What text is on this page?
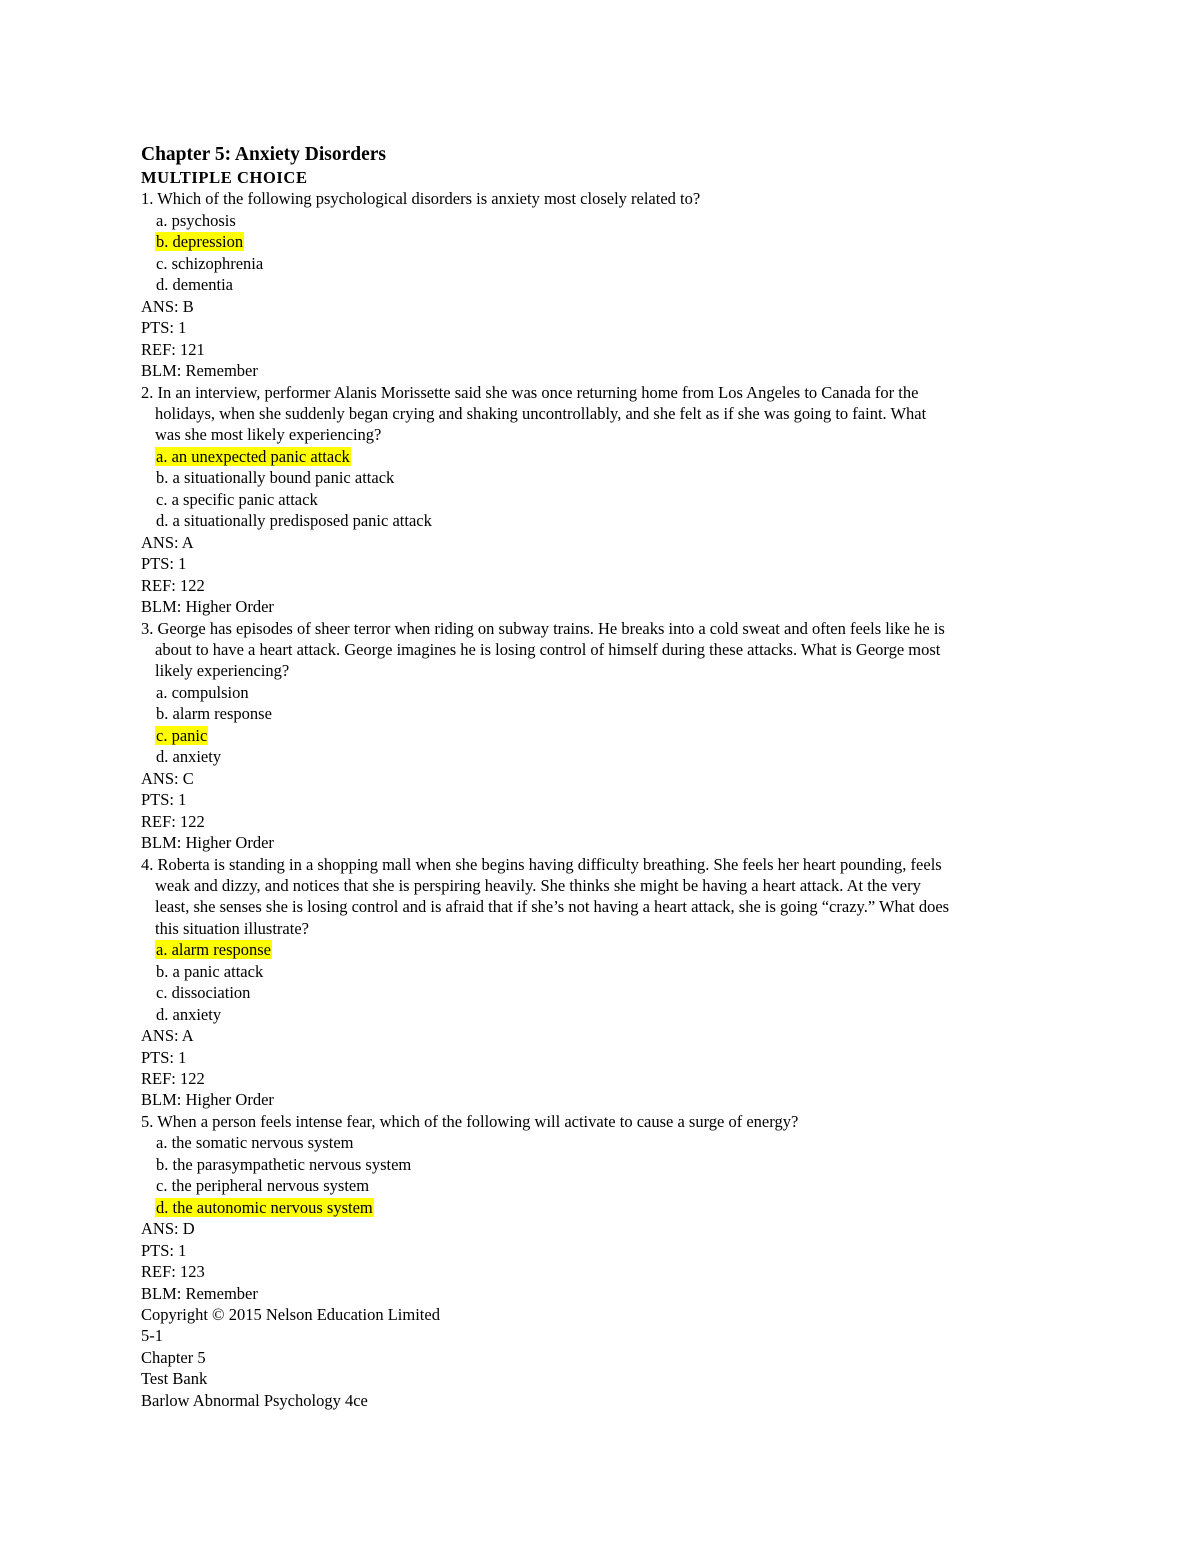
Chapter 5: Anxiety Disorders
MULTIPLE CHOICE
1. Which of the following psychological disorders is anxiety most closely related to?
a. psychosis
b. depression
c. schizophrenia
d. dementia
ANS: B
PTS: 1
REF: 121
BLM: Remember
2. In an interview, performer Alanis Morissette said she was once returning home from Los Angeles to Canada for the holidays, when she suddenly began crying and shaking uncontrollably, and she felt as if she was going to faint. What was she most likely experiencing?
a. an unexpected panic attack
b. a situationally bound panic attack
c. a specific panic attack
d. a situationally predisposed panic attack
ANS: A
PTS: 1
REF: 122
BLM: Higher Order
3. George has episodes of sheer terror when riding on subway trains. He breaks into a cold sweat and often feels like he is about to have a heart attack. George imagines he is losing control of himself during these attacks. What is George most likely experiencing?
a. compulsion
b. alarm response
c. panic
d. anxiety
ANS: C
PTS: 1
REF: 122
BLM: Higher Order
4. Roberta is standing in a shopping mall when she begins having difficulty breathing. She feels her heart pounding, feels weak and dizzy, and notices that she is perspiring heavily. She thinks she might be having a heart attack. At the very least, she senses she is losing control and is afraid that if she’s not having a heart attack, she is going “crazy.” What does this situation illustrate?
a. alarm response
b. a panic attack
c. dissociation
d. anxiety
ANS: A
PTS: 1
REF: 122
BLM: Higher Order
5. When a person feels intense fear, which of the following will activate to cause a surge of energy?
a. the somatic nervous system
b. the parasympathetic nervous system
c. the peripheral nervous system
d. the autonomic nervous system
ANS: D
PTS: 1
REF: 123
BLM: Remember
Copyright © 2015 Nelson Education Limited
5-1
Chapter 5
Test Bank
Barlow Abnormal Psychology 4ce
